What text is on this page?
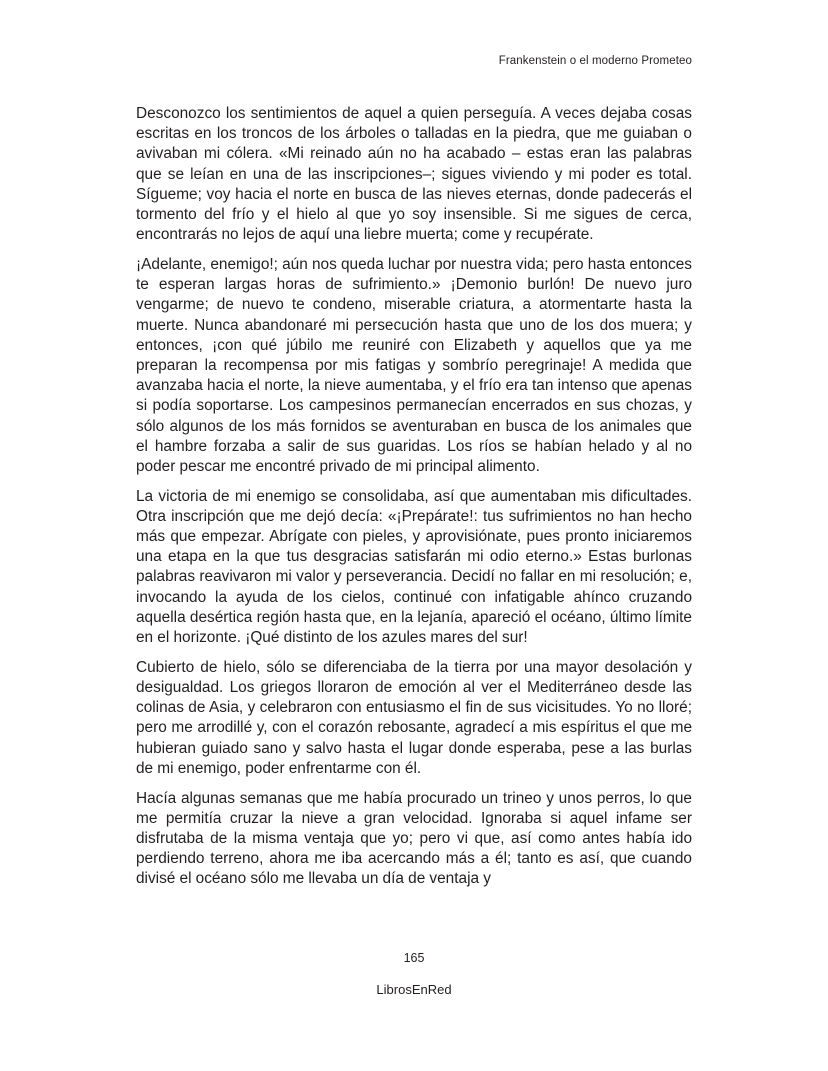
Frankenstein o el moderno Prometeo

Desconozco los sentimientos de aquel a quien perseguía. A veces dejaba cosas escritas en los troncos de los árboles o talladas en la piedra, que me guiaban o avivaban mi cólera. «Mi reinado aún no ha acabado – estas eran las palabras que se leían en una de las inscripciones–; sigues viviendo y mi poder es total. Sígueme; voy hacia el norte en busca de las nieves eternas, donde padecerás el tormento del frío y el hielo al que yo soy insensible. Si me sigues de cerca, encontrarás no lejos de aquí una liebre muerta; come y recupérate.

¡Adelante, enemigo!; aún nos queda luchar por nuestra vida; pero hasta entonces te esperan largas horas de sufrimiento.» ¡Demonio burlón! De nuevo juro vengarme; de nuevo te condeno, miserable criatura, a atormentarte hasta la muerte. Nunca abandonaré mi persecución hasta que uno de los dos muera; y entonces, ¡con qué júbilo me reuniré con Elizabeth y aquellos que ya me preparan la recompensa por mis fatigas y sombrío peregrinaje! A medida que avanzaba hacia el norte, la nieve aumentaba, y el frío era tan intenso que apenas si podía soportarse. Los campesinos permanecían encerrados en sus chozas, y sólo algunos de los más fornidos se aventuraban en busca de los animales que el hambre forzaba a salir de sus guaridas. Los ríos se habían helado y al no poder pescar me encontré privado de mi principal alimento.

La victoria de mi enemigo se consolidaba, así que aumentaban mis dificultades. Otra inscripción que me dejó decía: «¡Prepárate!: tus sufrimientos no han hecho más que empezar. Abrígate con pieles, y aprovisiónate, pues pronto iniciaremos una etapa en la que tus desgracias satisfarán mi odio eterno.» Estas burlonas palabras reavivaron mi valor y perseverancia. Decidí no fallar en mi resolución; e, invocando la ayuda de los cielos, continué con infatigable ahínco cruzando aquella desértica región hasta que, en la lejanía, apareció el océano, último límite en el horizonte. ¡Qué distinto de los azules mares del sur!

Cubierto de hielo, sólo se diferenciaba de la tierra por una mayor desolación y desigualdad. Los griegos lloraron de emoción al ver el Mediterráneo desde las colinas de Asia, y celebraron con entusiasmo el fin de sus vicisitudes. Yo no lloré; pero me arrodillé y, con el corazón rebosante, agradecí a mis espíritus el que me hubieran guiado sano y salvo hasta el lugar donde esperaba, pese a las burlas de mi enemigo, poder enfrentarme con él.

Hacía algunas semanas que me había procurado un trineo y unos perros, lo que me permitía cruzar la nieve a gran velocidad. Ignoraba si aquel infame ser disfrutaba de la misma ventaja que yo; pero vi que, así como antes había ido perdiendo terreno, ahora me iba acercando más a él; tanto es así, que cuando divisé el océano sólo me llevaba un día de ventaja y

165
LibrosEnRed
